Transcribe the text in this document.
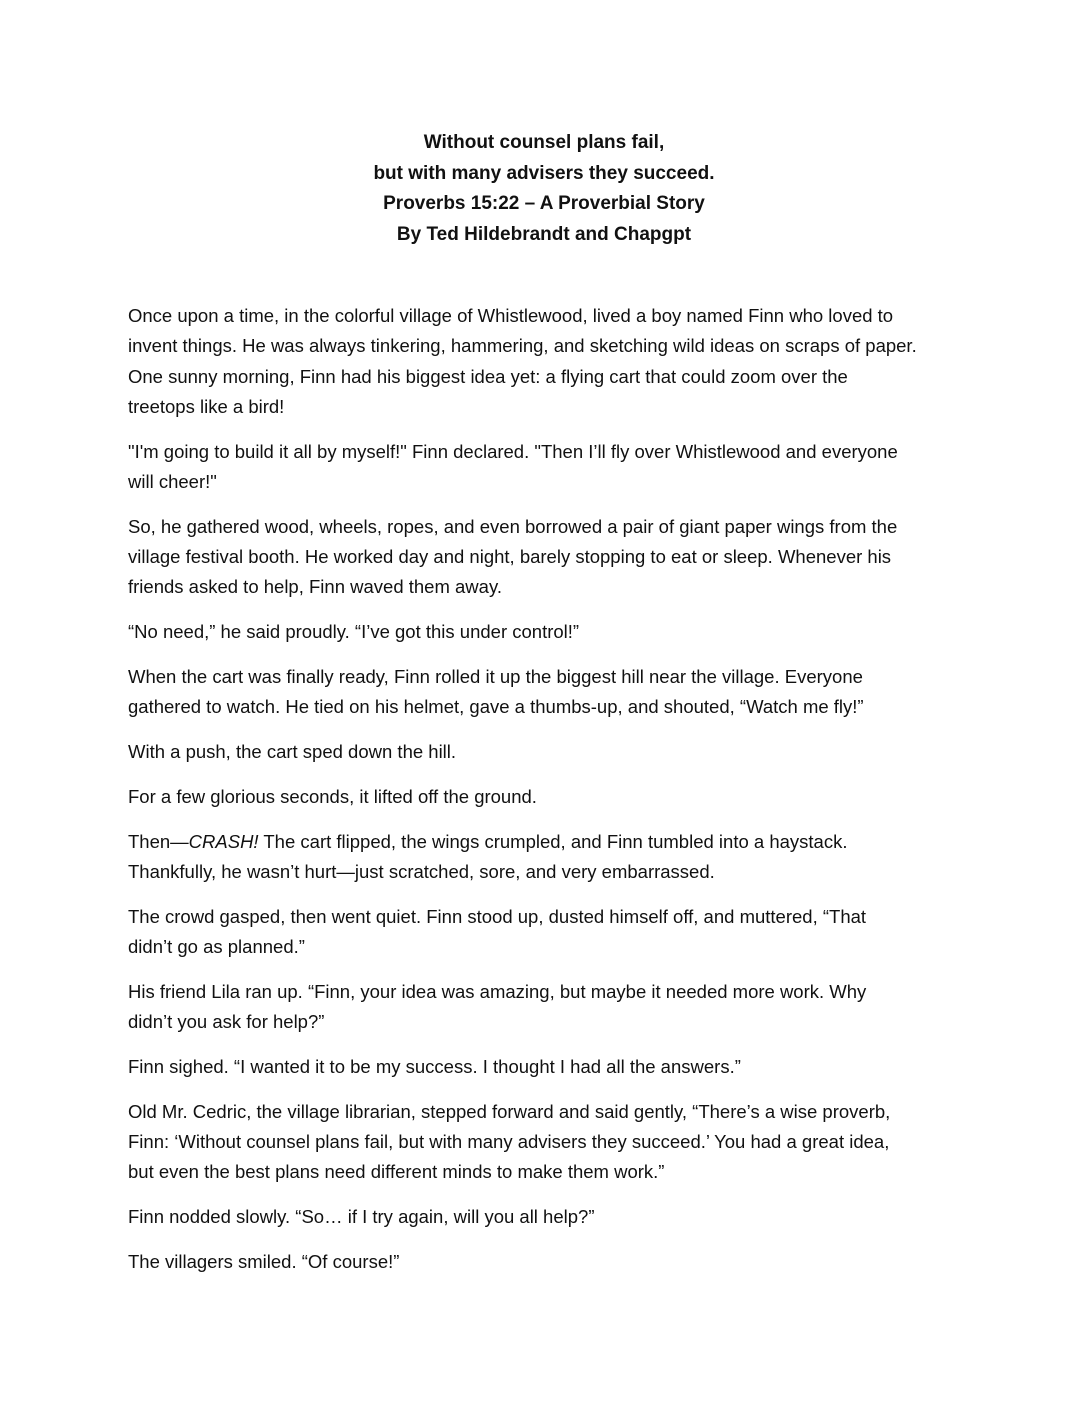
Without counsel plans fail,
but with many advisers they succeed.
Proverbs 15:22 – A Proverbial Story
By Ted Hildebrandt and Chapgpt

Once upon a time, in the colorful village of Whistlewood, lived a boy named Finn who loved to
invent things. He was always tinkering, hammering, and sketching wild ideas on scraps of paper.
One sunny morning, Finn had his biggest idea yet: a flying cart that could zoom over the
treetops like a bird!

"I'm going to build it all by myself!" Finn declared. "Then I’ll fly over Whistlewood and everyone
will cheer!"

So, he gathered wood, wheels, ropes, and even borrowed a pair of giant paper wings from the
village festival booth. He worked day and night, barely stopping to eat or sleep. Whenever his
friends asked to help, Finn waved them away.

“No need,” he said proudly. “I’ve got this under control!”

When the cart was finally ready, Finn rolled it up the biggest hill near the village. Everyone
gathered to watch. He tied on his helmet, gave a thumbs-up, and shouted, “Watch me fly!”

With a push, the cart sped down the hill.

For a few glorious seconds, it lifted off the ground.

Then—CRASH! The cart flipped, the wings crumpled, and Finn tumbled into a haystack.
Thankfully, he wasn’t hurt—just scratched, sore, and very embarrassed.

The crowd gasped, then went quiet. Finn stood up, dusted himself off, and muttered, “That
didn’t go as planned.”

His friend Lila ran up. “Finn, your idea was amazing, but maybe it needed more work. Why
didn’t you ask for help?”

Finn sighed. “I wanted it to be my success. I thought I had all the answers.”

Old Mr. Cedric, the village librarian, stepped forward and said gently, “There’s a wise proverb,
Finn: ‘Without counsel plans fail, but with many advisers they succeed.’ You had a great idea,
but even the best plans need different minds to make them work.”

Finn nodded slowly. “So… if I try again, will you all help?”

The villagers smiled. “Of course!”
